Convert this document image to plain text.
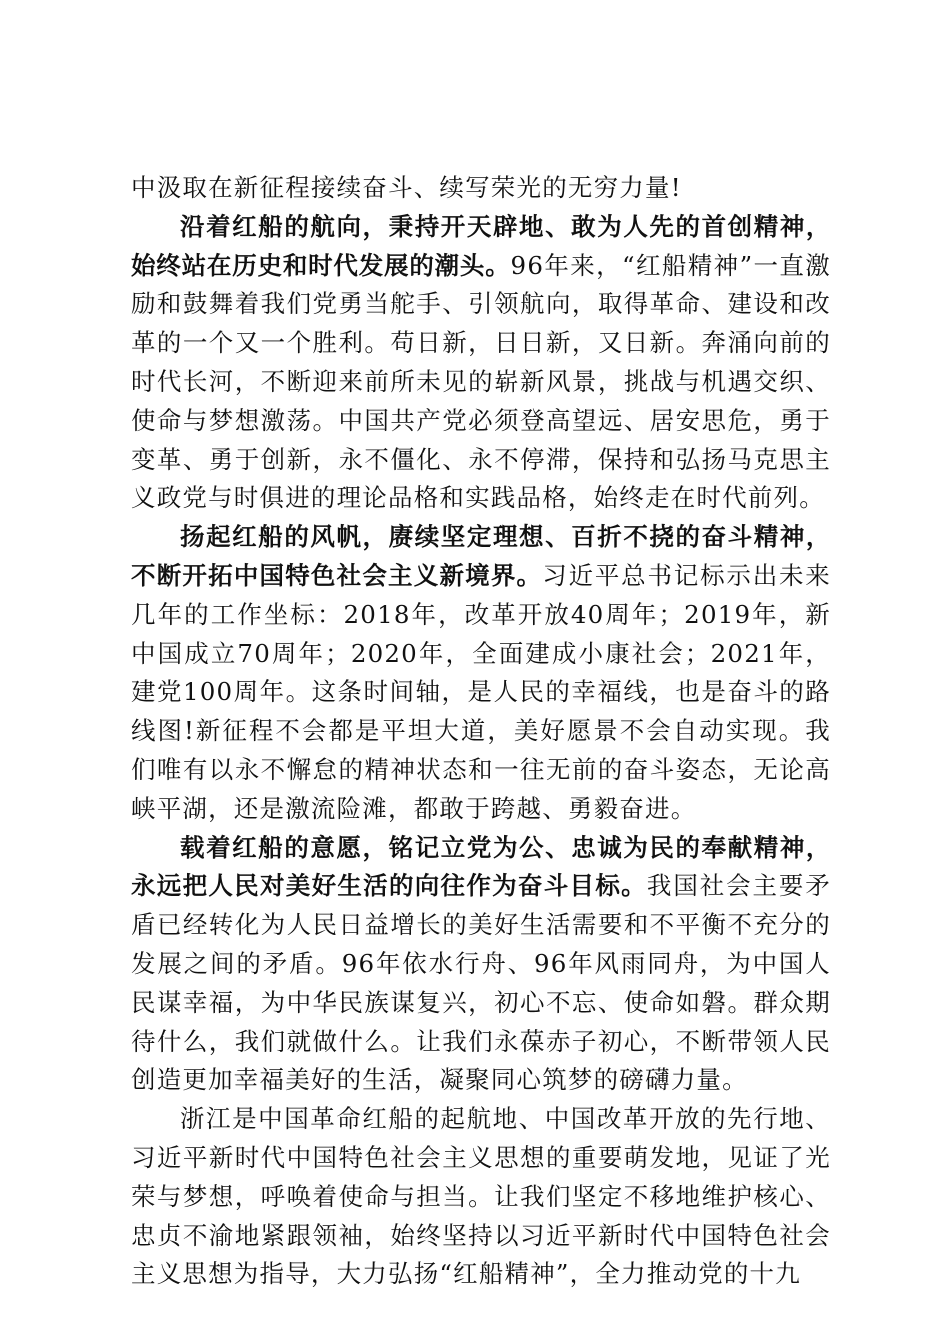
中汲取在新征程接续奋斗、续写荣光的无穷力量!

沿着红船的航向，秉持开天辟地、敢为人先的首创精神，始终站在历史和时代发展的潮头。96年来，“红船精神”一直激励和鼓舞着我们党勇当舵手、引领航向，取得革命、建设和改革的一个又一个胜利。苟日新，日日新，又日新。奔涌向前的时代长河，不断迎来前所未见的崭新风景，挑战与机遇交织、使命与梦想激荡。中国共产党必须登高望远、居安思危，勇于变革、勇于创新，永不僵化、永不停滞，保持和弘扬马克思主义政党与时俱进的理论品格和实践品格，始终走在时代前列。

扬起红船的风帆，赓续坚定理想、百折不挠的奋斗精神，不断开拓中国特色社会主义新境界。习近平总书记标示出未来几年的工作坐标：2018年，改革开放40周年；2019年，新中国成立70周年；2020年，全面建成小康社会；2021年，建党100周年。这条时间轴，是人民的幸福线，也是奋斗的路线图!新征程不会都是平坦大道，美好愿景不会自动实现。我们唯有以永不懈怠的精神状态和一往无前的奋斗姿态，无论高峡平湖，还是激流险滩，都敢于跨越、勇毅奋进。

载着红船的意愿，铭记立党为公、忠诚为民的奉献精神，永远把人民对美好生活的向往作为奋斗目标。我国社会主要矛盾已经转化为人民日益增长的美好生活需要和不平衡不充分的发展之间的矛盾。96年依水行舟、96年风雨同舟，为中国人民谋幸福，为中华民族谋复兴，初心不忘、使命如磐。群众期待什么，我们就做什么。让我们永葆赤子初心，不断带领人民创造更加幸福美好的生活，凝聚同心筑梦的磅礴力量。

浙江是中国革命红船的起航地、中国改革开放的先行地、习近平新时代中国特色社会主义思想的重要萌发地，见证了光荣与梦想，呼唤着使命与担当。让我们坚定不移地维护核心、忠贞不渝地紧跟领袖，始终坚持以习近平新时代中国特色社会主义思想为指导，大力弘扬“红船精神”，全力推动党的十九
